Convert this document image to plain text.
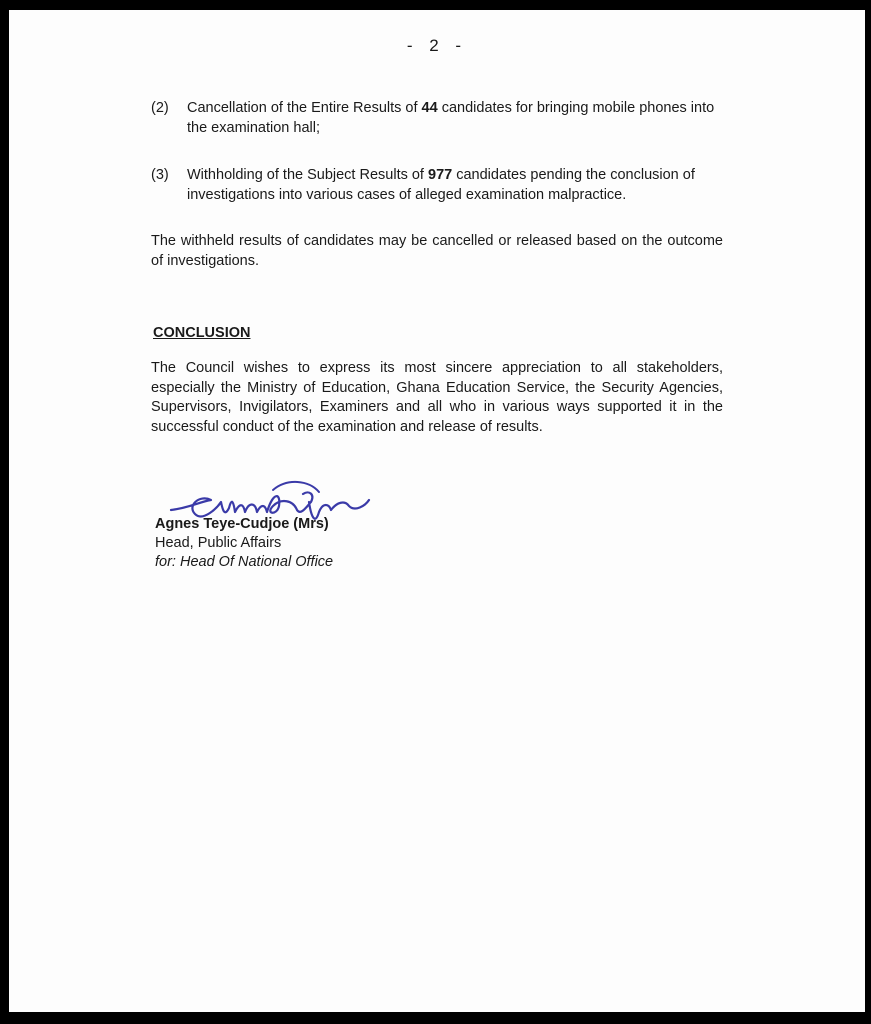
- 2 -
(2) Cancellation of the Entire Results of 44 candidates for bringing mobile phones into the examination hall;
(3) Withholding of the Subject Results of 977 candidates pending the conclusion of investigations into various cases of alleged examination malpractice.
The withheld results of candidates may be cancelled or released based on the outcome of investigations.
CONCLUSION
The Council wishes to express its most sincere appreciation to all stakeholders, especially the Ministry of Education, Ghana Education Service, the Security Agencies, Supervisors, Invigilators, Examiners and all who in various ways supported it in the successful conduct of the examination and release of results.
Agnes Teye-Cudjoe (Mrs)
Head, Public Affairs
for: Head Of National Office
